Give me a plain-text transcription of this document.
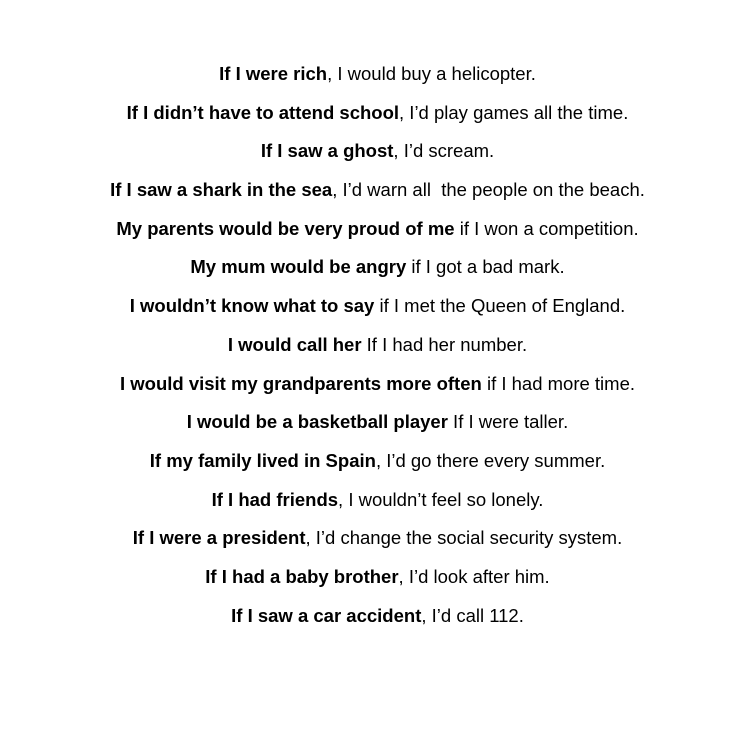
If I were rich, I would buy a helicopter.
If I didn’t have to attend school, I’d play games all the time.
If I saw a ghost, I’d scream.
If I saw a shark in the sea, I’d warn all  the people on the beach.
My parents would be very proud of me if I won a competition.
My mum would be angry if I got a bad mark.
I wouldn’t know what to say if I met the Queen of England.
I would call her If I had her number.
I would visit my grandparents more often if I had more time.
I would be a basketball player If I were taller.
If my family lived in Spain, I’d go there every summer.
If I had friends, I wouldn’t feel so lonely.
If I were a president, I’d change the social security system.
If I had a baby brother, I’d look after him.
If I saw a car accident, I’d call 112.
